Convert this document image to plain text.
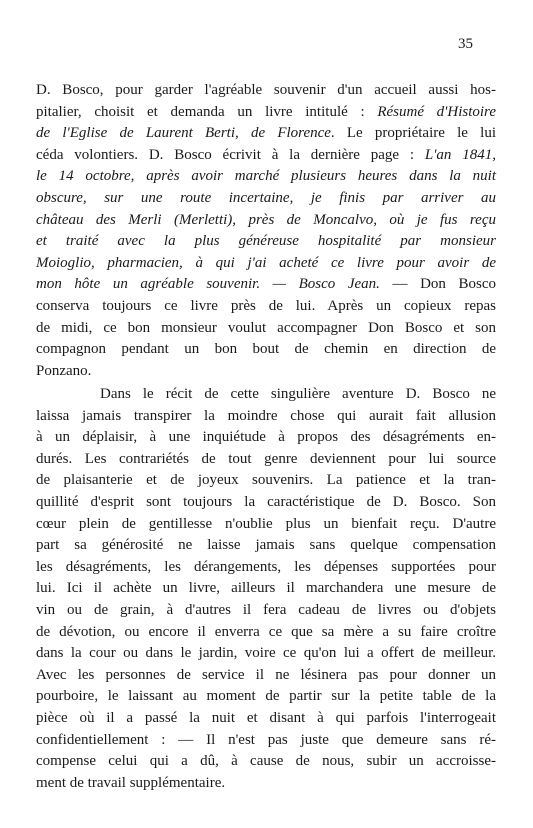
35
D. Bosco, pour garder l'agréable souvenir d'un accueil aussi hos-
pitalier, choisit et demanda un livre intitulé : Résumé d'Histoire
de l'Eglise de Laurent Berti, de Florence. Le propriétaire le lui
céda volontiers. D. Bosco écrivit à la dernière page : L'an 1841,
le 14 octobre, après avoir marché plusieurs heures dans la nuit
obscure, sur une route incertaine, je finis par arriver au
château des Merli (Merletti), près de Moncalvo, où je fus reçu
et traité avec la plus généreuse hospitalité par monsieur
Moioglio, pharmacien, à qui j'ai acheté ce livre pour avoir de
mon hôte un agréable souvenir. — Bosco Jean. — Don Bosco
conserva toujours ce livre près de lui. Après un copieux repas
de midi, ce bon monsieur voulut accompagner Don Bosco et son
compagnon pendant un bon bout de chemin en direction de
Ponzano.
Dans le récit de cette singulière aventure D. Bosco ne
laissa jamais transpirer la moindre chose qui aurait fait allusion
à un déplaisir, à une inquiétude à propos des désagréments en-
durés. Les contrariétés de tout genre deviennent pour lui source
de plaisanterie et de joyeux souvenirs. La patience et la tran-
quillité d'esprit sont toujours la caractéristique de D. Bosco. Son
cœur plein de gentillesse n'oublie plus un bienfait reçu. D'autre
part sa générosité ne laisse jamais sans quelque compensation
les désagréments, les dérangements, les dépenses supportées pour
lui. Ici il achète un livre, ailleurs il marchandera une mesure de
vin ou de grain, à d'autres il fera cadeau de livres ou d'objets
de dévotion, ou encore il enverra ce que sa mère a su faire croître
dans la cour ou dans le jardin, voire ce qu'on lui a offert de meilleur.
Avec les personnes de service il ne lésinera pas pour donner un
pourboire, le laissant au moment de partir sur la petite table de la
pièce où il a passé la nuit et disant à qui parfois l'interrogeait
confidentiellement : — Il n'est pas juste que demeure sans ré-
compense celui qui a dû, à cause de nous, subir un accroisse-
ment de travail supplémentaire.
